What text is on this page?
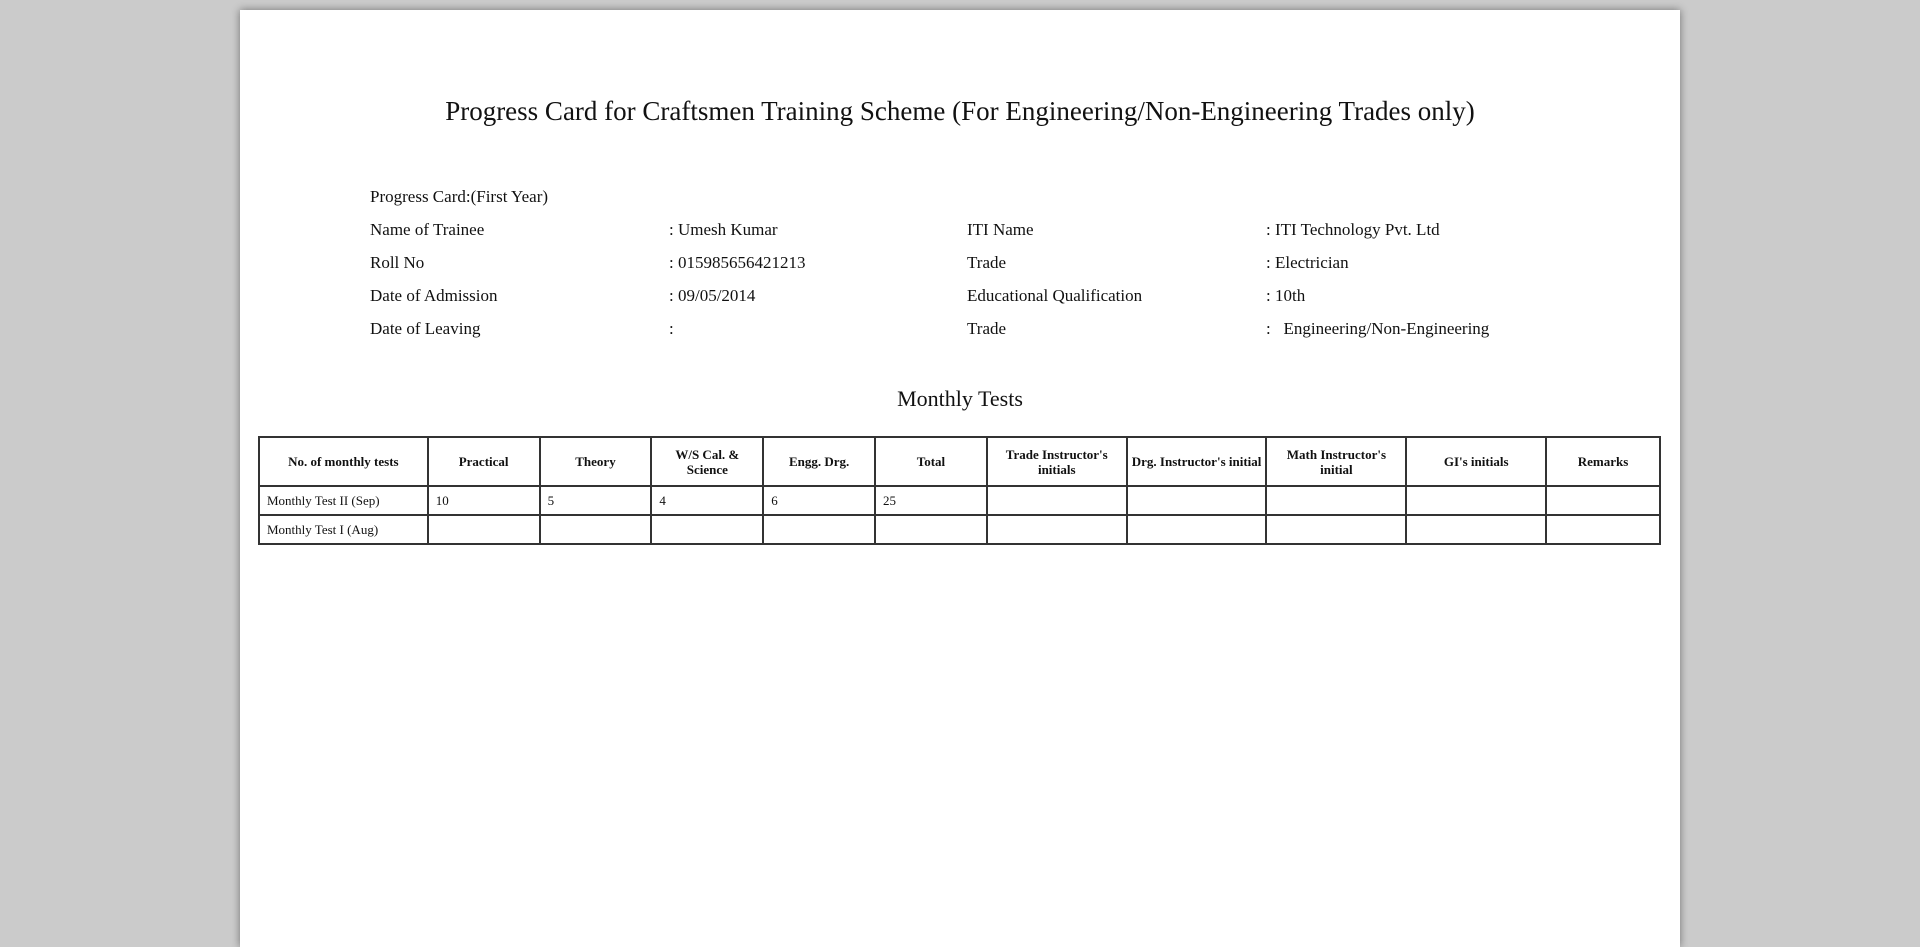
Progress Card for Craftsmen Training Scheme (For Engineering/Non-Engineering Trades only)
Progress Card:(First Year)
Name of Trainee	: Umesh Kumar	ITI Name	: ITI Technology Pvt. Ltd
Roll No	: 015985656421213	Trade	: Electrician
Date of Admission	: 09/05/2014	Educational Qualification	: 10th
Date of Leaving	:	Trade	:   Engineering/Non-Engineering
Monthly Tests
No. of monthly tests	Practical	Theory	W/S Cal. & Science	Engg. Drg.	Total	Trade Instructor's initials	Drg. Instructor's initial	Math Instructor's initial	GI's initials	Remarks
Monthly Test II (Sep)	10	5	4	6	25					
Monthly Test I (Aug)										
